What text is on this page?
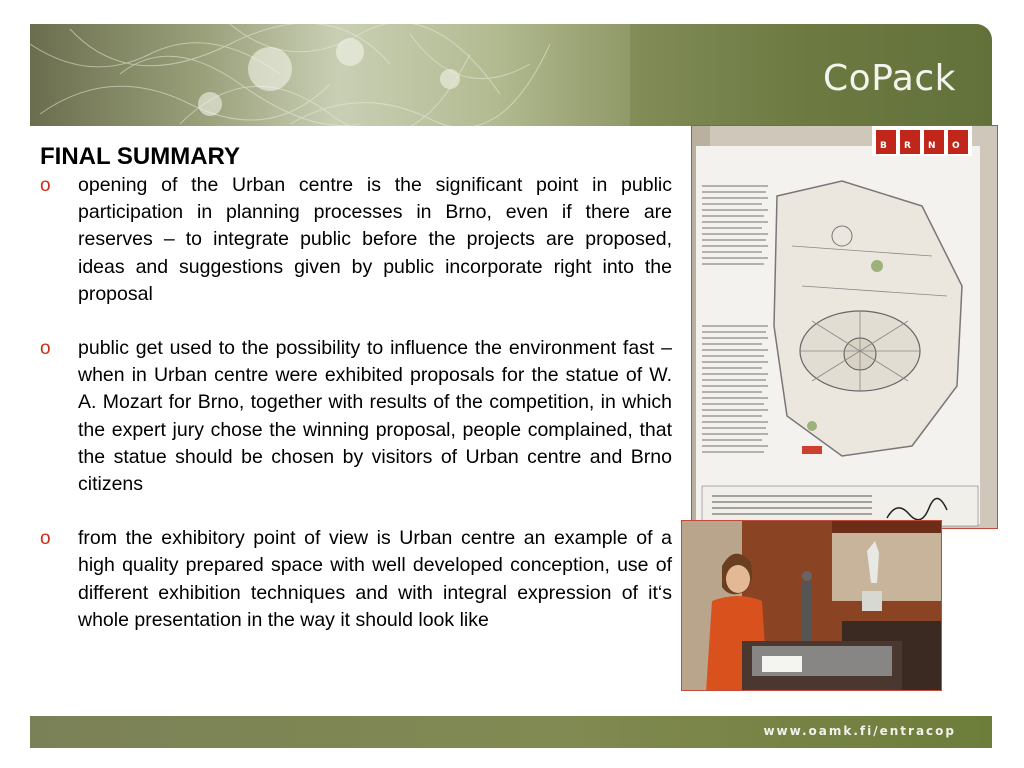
CoPack
FINAL SUMMARY
o opening of the Urban centre is the significant point in public participation in planning processes in Brno, even if there are reserves – to integrate public before the projects are proposed, ideas and suggestions given by public incorporate right into the proposal
o public get used to the possibility to influence the environment fast – when in Urban centre were exhibited proposals for the statue of W. A. Mozart for Brno, together with results of the competition, in which the expert jury chose the winning proposal, people complained, that the statue should be chosen by visitors of Urban centre and Brno citizens
o from the exhibitory point of view is Urban centre an example of a high quality prepared space with well developed conception, use of different exhibition techniques and with integral expression of it‘s whole presentation in the way it should look like
B R N O
www.oamk.fi/entracop
